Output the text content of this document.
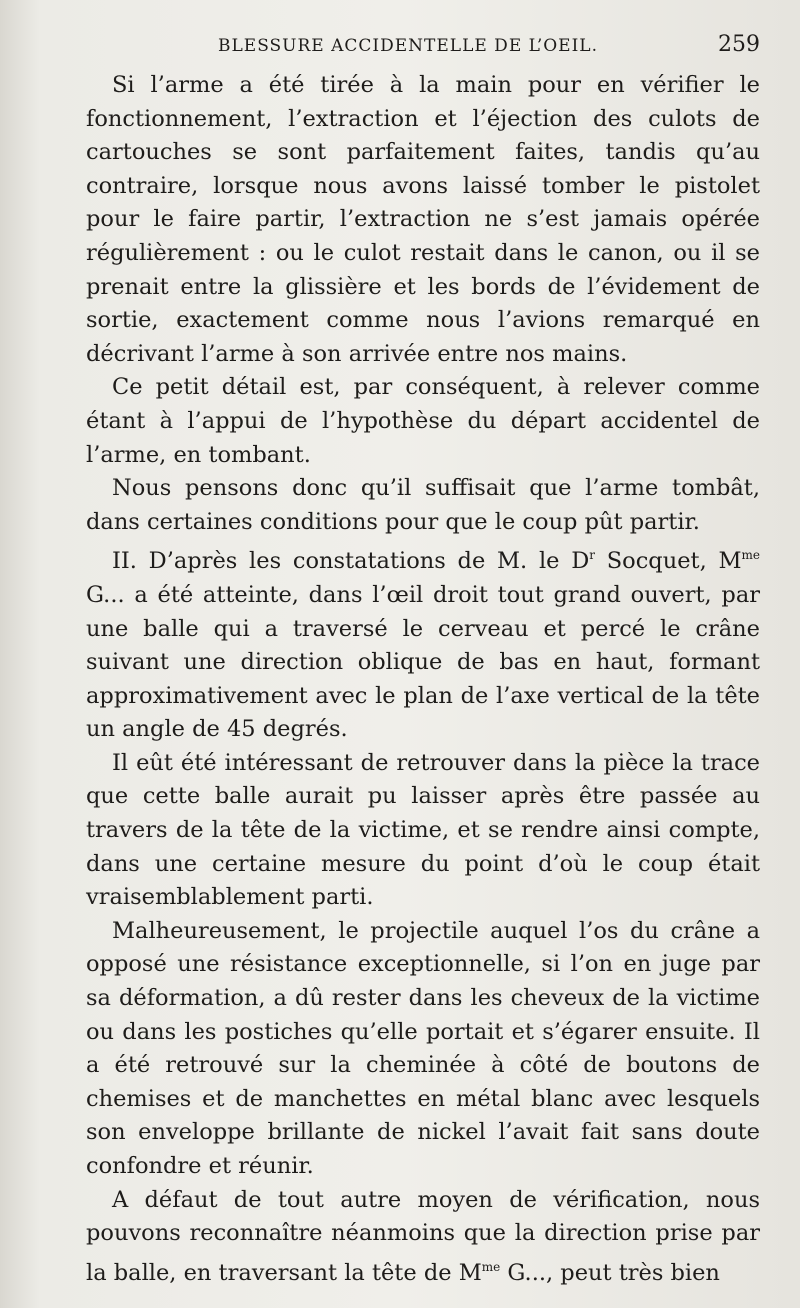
BLESSURE ACCIDENTELLE DE L’OEIL.	259

Si l’arme a été tirée à la main pour en vérifier le fonctionnement, l’extraction et l’éjection des culots de cartouches se sont parfaitement faites, tandis qu’au contraire, lorsque nous avons laissé tomber le pistolet pour le faire partir, l’extraction ne s’est jamais opérée régulièrement : ou le culot restait dans le canon, ou il se prenait entre la glissière et les bords de l’évidement de sortie, exactement comme nous l’avions remarqué en décrivant l’arme à son arrivée entre nos mains.

Ce petit détail est, par conséquent, à relever comme étant à l’appui de l’hypothèse du départ accidentel de l’arme, en tombant.

Nous pensons donc qu’il suffisait que l’arme tombât, dans certaines conditions pour que le coup pût partir.

II. D’après les constatations de M. le $D^r$ Socquet, $M^{me}$ G... a été atteinte, dans l’œil droit tout grand ouvert, par une balle qui a traversé le cerveau et percé le crâne suivant une direction oblique de bas en haut, formant approximativement avec le plan de l’axe vertical de la tête un angle de 45 degrés.

Il eût été intéressant de retrouver dans la pièce la trace que cette balle aurait pu laisser après être passée au travers de la tête de la victime, et se rendre ainsi compte, dans une certaine mesure du point d’où le coup était vraisemblablement parti.

Malheureusement, le projectile auquel l’os du crâne a opposé une résistance exceptionnelle, si l’on en juge par sa déformation, a dû rester dans les cheveux de la victime ou dans les postiches qu’elle portait et s’égarer ensuite. Il a été retrouvé sur la cheminée à côté de boutons de chemises et de manchettes en métal blanc avec lesquels son enveloppe brillante de nickel l’avait fait sans doute confondre et réunir.

A défaut de tout autre moyen de vérification, nous pouvons reconnaître néanmoins que la direction prise par la balle, en traversant la tête de $M^{me}$ G..., peut très bien
